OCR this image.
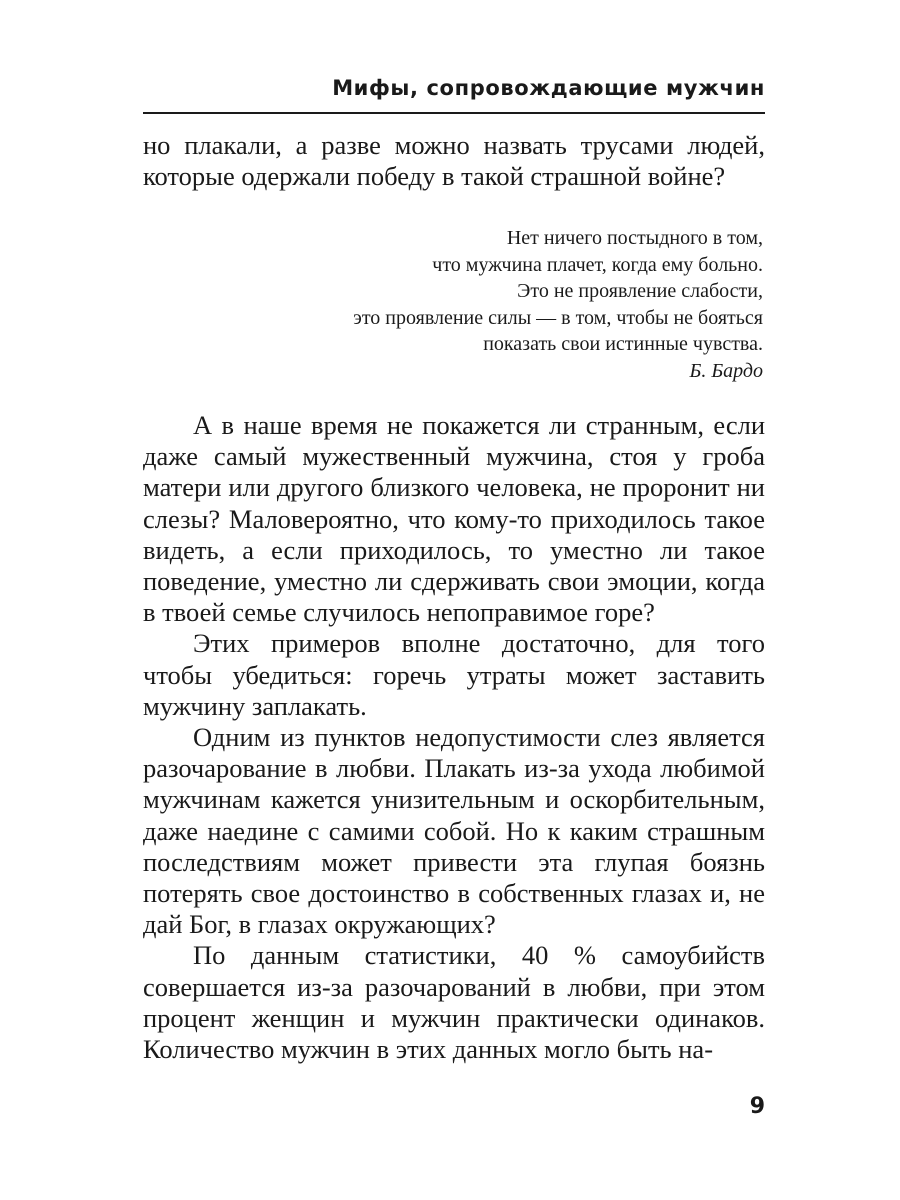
Мифы, сопровождающие мужчин

но плакали, а разве можно назвать трусами людей, которые одержали победу в такой страшной войне?

Нет ничего постыдного в том,
что мужчина плачет, когда ему больно.
Это не проявление слабости,
это проявление силы — в том, чтобы не бояться
показать свои истинные чувства.
Б. Бардо

А в наше время не покажется ли странным, если даже самый мужественный мужчина, стоя у гроба матери или другого близкого человека, не проронит ни слезы? Маловероятно, что кому-то приходилось такое видеть, а если приходилось, то уместно ли такое поведение, уместно ли сдерживать свои эмоции, когда в твоей семье случилось непоправимое горе?

Этих примеров вполне достаточно, для того чтобы убедиться: горечь утраты может заставить мужчину заплакать.

Одним из пунктов недопустимости слез является разочарование в любви. Плакать из-за ухода любимой мужчинам кажется унизительным и оскорбительным, даже наедине с самими собой. Но к каким страшным последствиям может привести эта глупая боязнь потерять свое достоинство в собственных глазах и, не дай Бог, в глазах окружающих?

По данным статистики, 40 % самоубийств совершается из-за разочарований в любви, при этом процент женщин и мужчин практически одинаков. Количество мужчин в этих данных могло быть на-

9
